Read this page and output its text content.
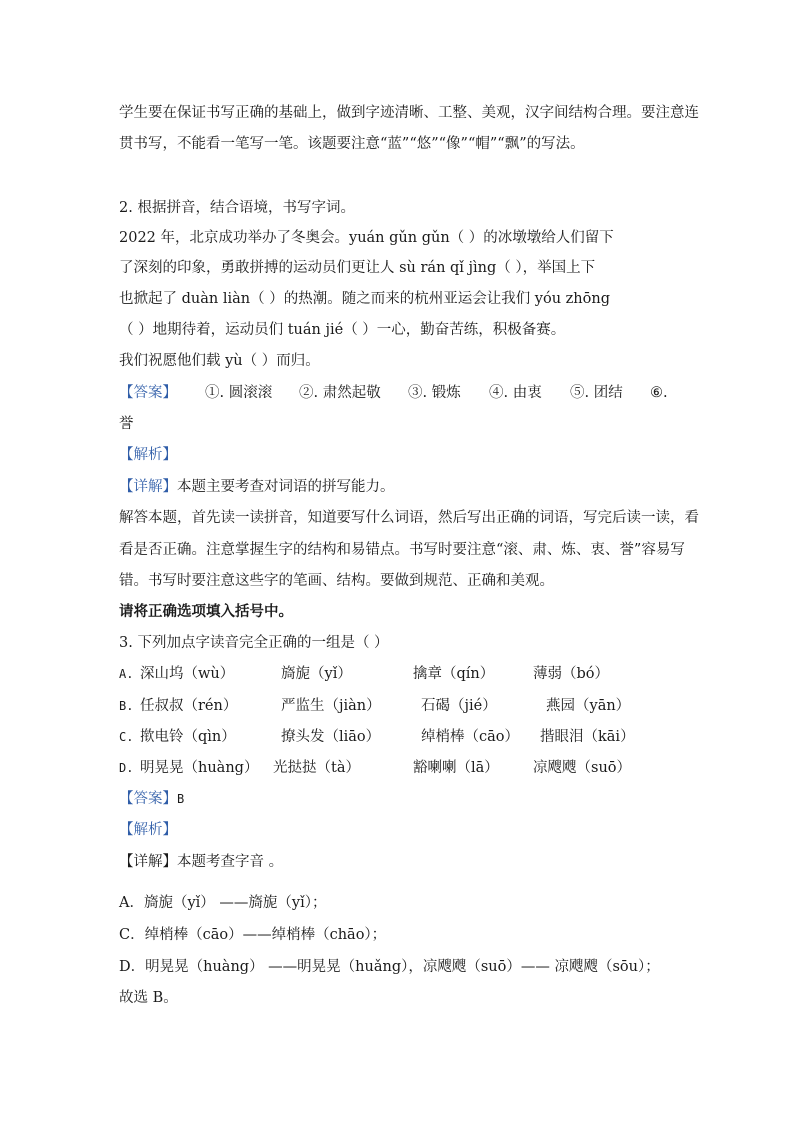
学生要在保证书写正确的基础上，做到字迹清晰、工整、美观，汉字间结构合理。要注意连
贯书写，不能看一笔写一笔。该题要注意“蓝”“悠”“像”“帽”“飘”的写法。
2. 根据拼音，结合语境，书写字词。
2022 年，北京成功举办了冬奥会。yuán gǔn gǔn（ ）的冰墩墩给人们留下
了深刻的印象，勇敢拼搏的运动员们更让人 sù rán qǐ jìng（ ），举国上下
也掀起了 duàn liàn（ ）的热潮。随之而来的杭州亚运会让我们 yóu zhōng
（ ）地期待着，运动员们 tuán jié（ ）一心，勤奋苦练，积极备赛。
我们祝愿他们载 yù（ ）而归。
【答案】 ①. 圆滚滚 ②. 肃然起敬 ③. 锻炼 ④. 由衷 ⑤. 团结 ⑥.
誉
【解析】
【详解】本题主要考查对词语的拼写能力。
解答本题，首先读一读拼音，知道要写什么词语，然后写出正确的词语，写完后读一读，看
看是否正确。注意掌握生字的结构和易错点。书写时要注意“滚、肃、炼、衷、誉”容易写
错。书写时要注意这些字的笔画、结构。要做到规范、正确和美观。
请将正确选项填入括号中。
3. 下列加点字读音完全正确的一组是（ ）
A. 深山坞（wù）	旖旎（yǐ）	擒章（qín）	薄弱（bó）
B. 任叔叔（rén）	严监生（jiàn）	石碣（jié）	燕园（yān）
C. 揿电铃（qìn）	撩头发（liāo）	绰梢棒（cāo） 揩眼泪（kāi）
D. 明晃晃（huàng） 光挞挞（tà）	豁喇喇（lā） 凉飕飕（suō）
【答案】B
【解析】
【详解】本题考查字音 。
A．旖旎（yǐ） ——旖旎（yǐ）；
C．绰梢棒（cāo）——绰梢棒（chāo）；
D．明晃晃（huàng） ——明晃晃（huǎng），凉飕飕（suō）—— 凉飕飕（sōu）；
故选 B。
